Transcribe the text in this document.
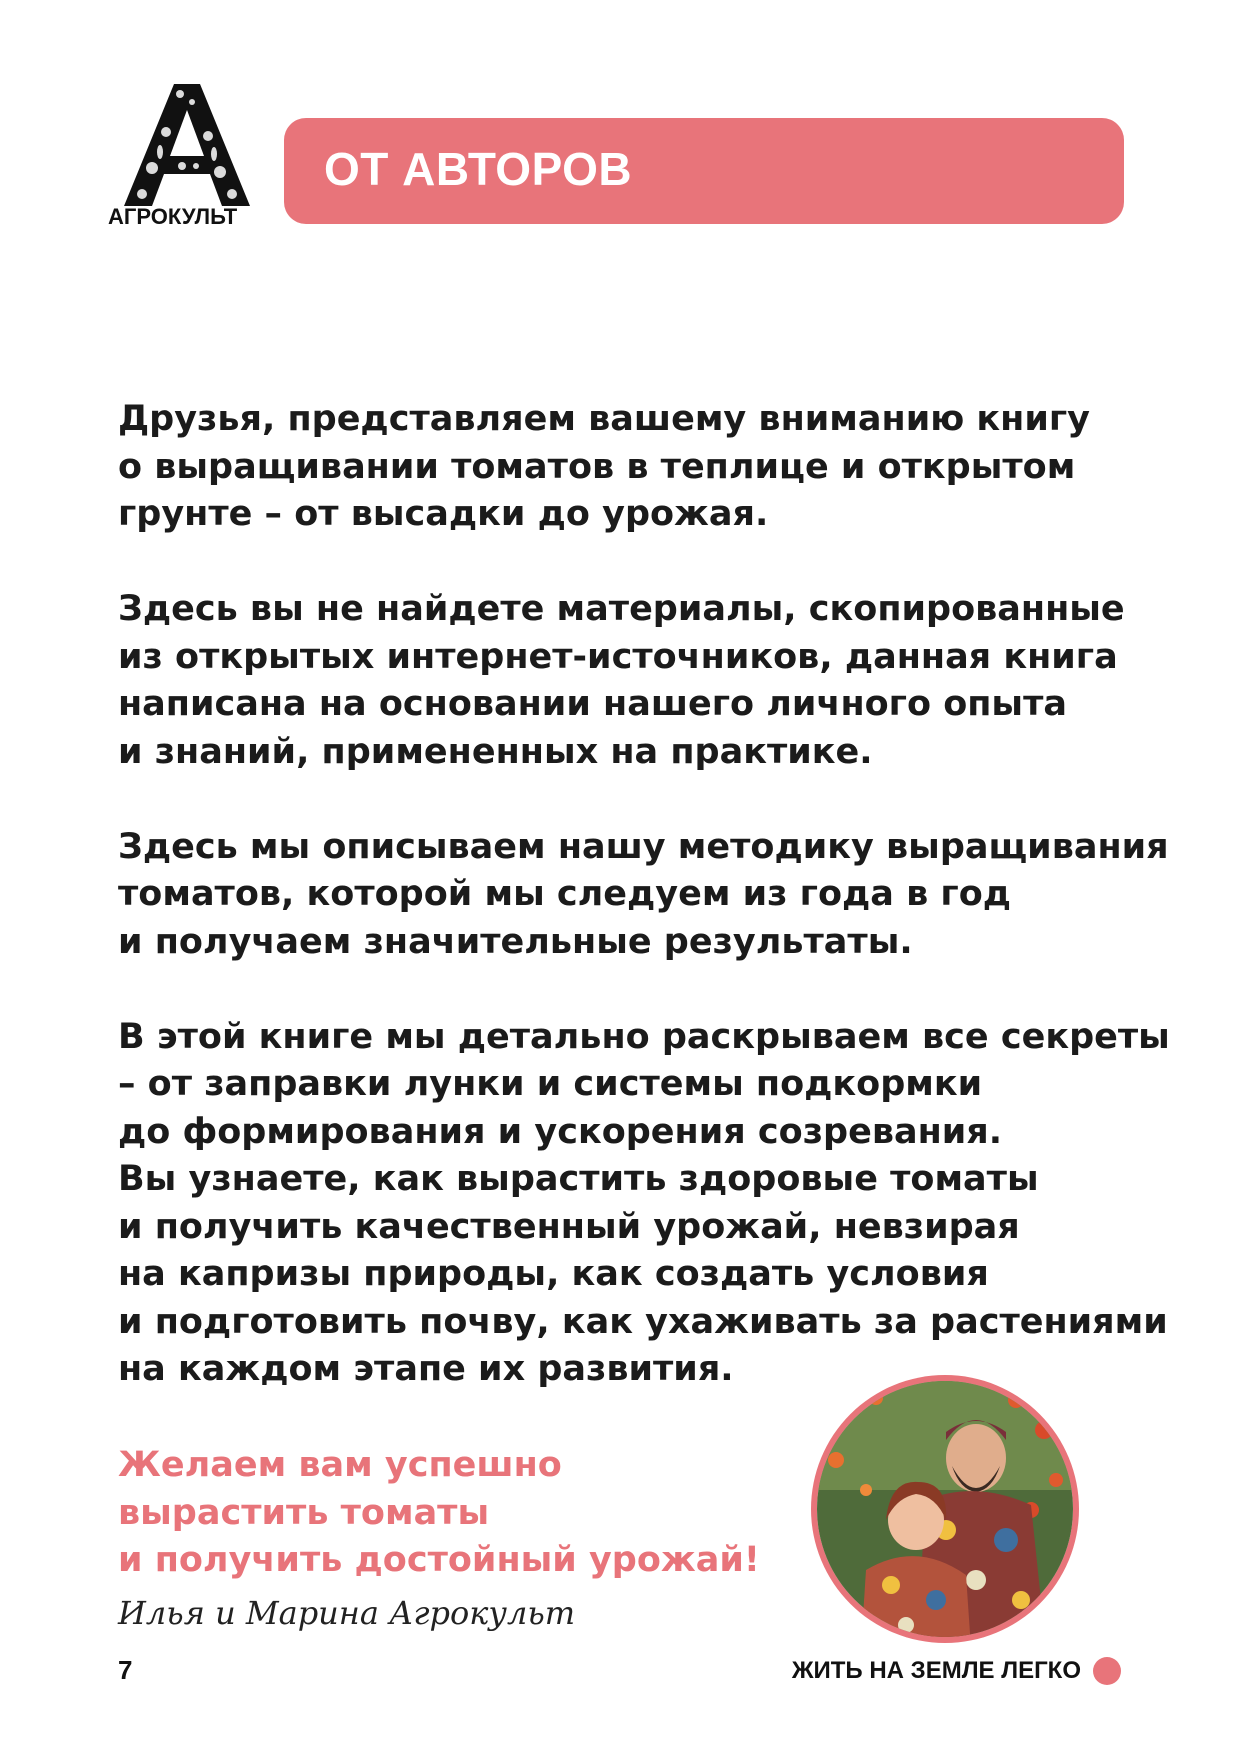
АГРОКУЛЬТ
ОТ АВТОРОВ
Друзья, представляем вашему вниманию книгу
о выращивании томатов в теплице и открытом
грунте – от высадки до урожая.
Здесь вы не найдете материалы, скопированные
из открытых интернет-источников, данная книга
написана на основании нашего личного опыта
и знаний, примененных на практике.
Здесь мы описываем нашу методику выращивания
томатов, которой мы следуем из года в год
и получаем значительные результаты.
В этой книге мы детально раскрываем все секреты
– от заправки лунки и системы подкормки
до формирования и ускорения созревания.
Вы узнаете, как вырастить здоровые томаты
и получить качественный урожай, невзирая
на капризы природы, как создать условия
и подготовить почву, как ухаживать за растениями
на каждом этапе их развития.
Желаем вам успешно
вырастить томаты
и получить достойный урожай!
Илья и Марина Агрокульт
7	ЖИТЬ НА ЗЕМЛЕ ЛЕГКО
